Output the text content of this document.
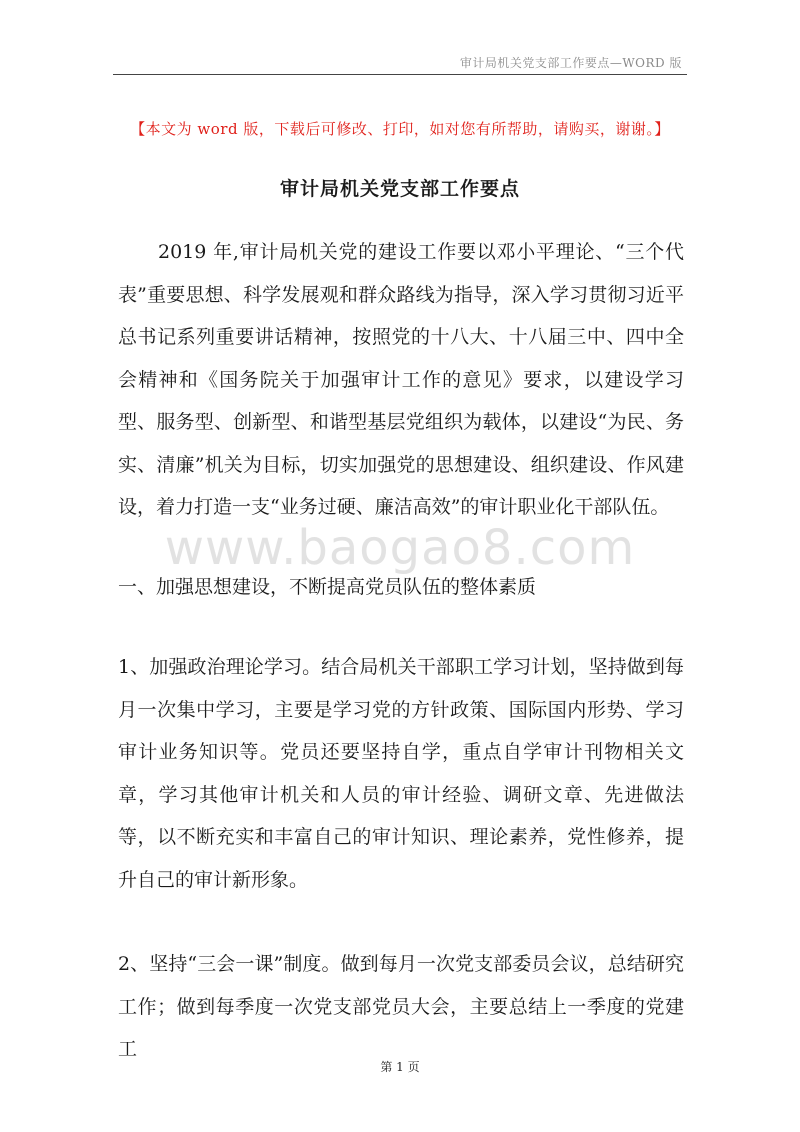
审计局机关党支部工作要点—WORD 版
【本文为 word 版，下载后可修改、打印，如对您有所帮助，请购买，谢谢。】
审计局机关党支部工作要点

2019 年,审计局机关党的建设工作要以邓小平理论、“三个代表”重要思想、科学发展观和群众路线为指导，深入学习贯彻习近平总书记系列重要讲话精神，按照党的十八大、十八届三中、四中全会精神和《国务院关于加强审计工作的意见》要求，以建设学习型、服务型、创新型、和谐型基层党组织为载体，以建设“为民、务实、清廉”机关为目标，切实加强党的思想建设、组织建设、作风建设，着力打造一支“业务过硬、廉洁高效”的审计职业化干部队伍。

www.baogao8.com

一、加强思想建设，不断提高党员队伍的整体素质

1、加强政治理论学习。结合局机关干部职工学习计划，坚持做到每月一次集中学习，主要是学习党的方针政策、国际国内形势、学习审计业务知识等。党员还要坚持自学，重点自学审计刊物相关文章，学习其他审计机关和人员的审计经验、调研文章、先进做法等，以不断充实和丰富自己的审计知识、理论素养，党性修养，提升自己的审计新形象。

2、坚持“三会一课”制度。做到每月一次党支部委员会议，总结研究工作；做到每季度一次党支部党员大会，主要总结上一季度的党建工

第 1 页
